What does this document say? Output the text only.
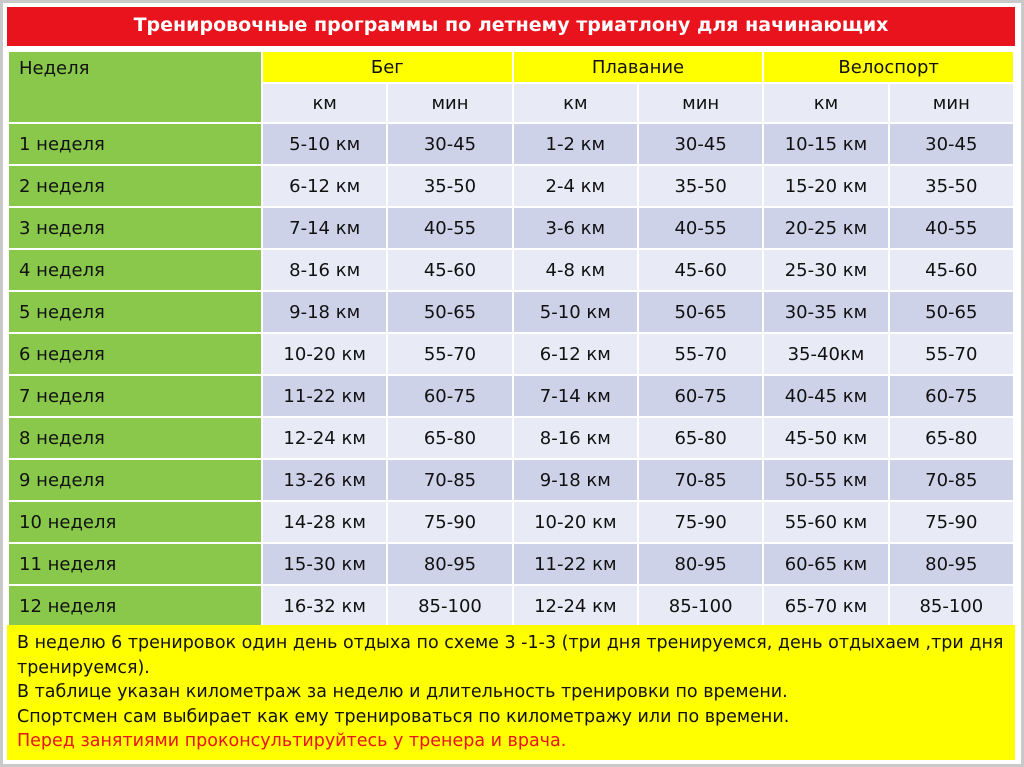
Тренировочные программы по летнему триатлону для начинающих
Неделя	Бег		Плавание		Велоспорт	
	км	мин	км	мин	км	мин
1 неделя	5-10 км	30-45	1-2 км	30-45	10-15 км	30-45
2 неделя	6-12 км	35-50	2-4 км	35-50	15-20 км	35-50
3 неделя	7-14 км	40-55	3-6 км	40-55	20-25 км	40-55
4 неделя	8-16 км	45-60	4-8 км	45-60	25-30 км	45-60
5 неделя	9-18 км	50-65	5-10 км	50-65	30-35 км	50-65
6 неделя	10-20 км	55-70	6-12 км	55-70	35-40км	55-70
7 неделя	11-22 км	60-75	7-14 км	60-75	40-45 км	60-75
8 неделя	12-24 км	65-80	8-16 км	65-80	45-50 км	65-80
9 неделя	13-26 км	70-85	9-18 км	70-85	50-55 км	70-85
10 неделя	14-28 км	75-90	10-20 км	75-90	55-60 км	75-90
11 неделя	15-30 км	80-95	11-22 км	80-95	60-65 км	80-95
12 неделя	16-32 км	85-100	12-24 км	85-100	65-70 км	85-100
В неделю 6 тренировок один день отдыха по схеме 3 -1-3 (три дня тренируемся, день отдыхаем ,три дня тренируемся).
В таблице указан километраж за неделю и длительность тренировки по времени.
Спортсмен сам выбирает как ему тренироваться по километражу или по времени.
Перед занятиями проконсультируйтесь у тренера и врача.
